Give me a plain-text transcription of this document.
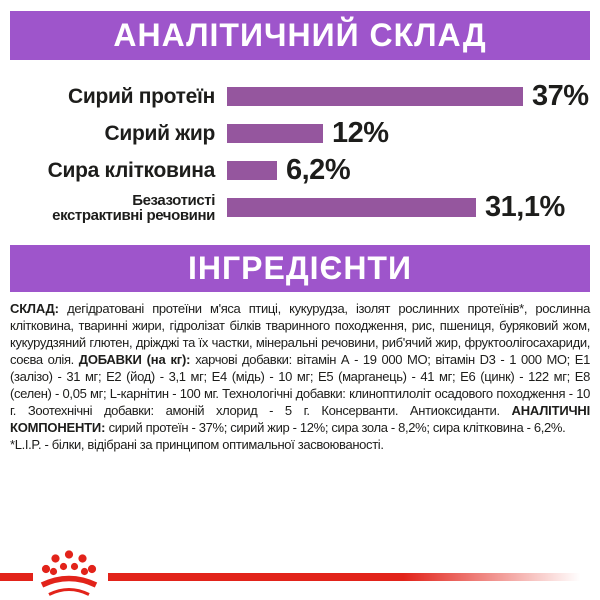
АНАЛІТИЧНИЙ СКЛАД
Сирий протеїн	37%
Сирий жир	12%
Сира клітковина 6,2%
Безазотисті
екстрактивні речовини	31,1%
ІНГРЕДІЄНТИ

СКЛАД: дегідратовані протеїни м'яса птиці, кукурудза, ізолят рослинних протеїнів*, рослинна клітковина, тваринні жири, гідролізат білків тваринного походження, рис, пшениця, буряковий жом, кукурудзяний глютен, дріжджі та їх частки, мінеральні речовини, риб'ячий жир, фруктоолігосахариди, соєва олія. ДОБАВКИ (на кг): харчові добавки: вітамін А - 19 000 МО; вітамін D3 - 1 000 МО; Е1 (залізо) - 31 мг; Е2 (йод) - 3,1 мг; Е4 (мідь) - 10 мг; Е5 (марганець) - 41 мг; Е6 (цинк) - 122 мг; Е8 (селен) - 0,05 мг; L-карнітин - 100 мг. Технологічні добавки: клиноптилоліт осадового походження - 10 г. Зоотехнічні добавки: амоній хлорид - 5 г. Консерванти. Антиоксиданти. АНАЛІТИЧНІ КОМПОНЕНТИ: сирий протеїн - 37%; сирий жир - 12%; сира зола - 8,2%; сира клітковина - 6,2%.

*L.I.P. - білки, відібрані за принципом оптимальної засвоюваності.
